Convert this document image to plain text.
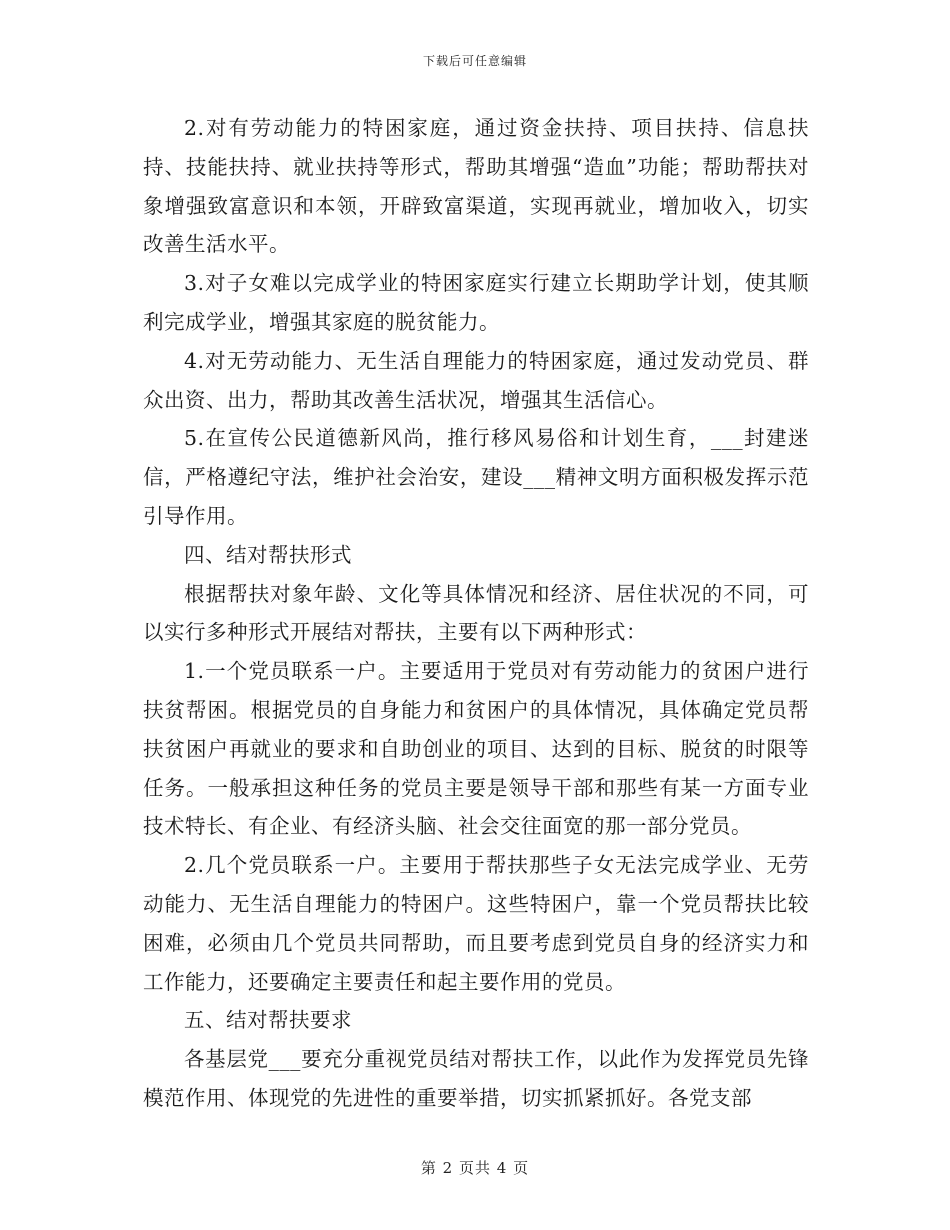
下载后可任意编辑

2.对有劳动能力的特困家庭，通过资金扶持、项目扶持、信息扶持、技能扶持、就业扶持等形式，帮助其增强“造血”功能；帮助帮扶对象增强致富意识和本领，开辟致富渠道，实现再就业，增加收入，切实改善生活水平。

3.对子女难以完成学业的特困家庭实行建立长期助学计划，使其顺利完成学业，增强其家庭的脱贫能力。

4.对无劳动能力、无生活自理能力的特困家庭，通过发动党员、群众出资、出力，帮助其改善生活状况，增强其生活信心。

5.在宣传公民道德新风尚，推行移风易俗和计划生育，___封建迷信，严格遵纪守法，维护社会治安，建设___精神文明方面积极发挥示范引导作用。

四、结对帮扶形式

根据帮扶对象年龄、文化等具体情况和经济、居住状况的不同，可以实行多种形式开展结对帮扶，主要有以下两种形式：

1.一个党员联系一户。主要适用于党员对有劳动能力的贫困户进行扶贫帮困。根据党员的自身能力和贫困户的具体情况，具体确定党员帮扶贫困户再就业的要求和自助创业的项目、达到的目标、脱贫的时限等任务。一般承担这种任务的党员主要是领导干部和那些有某一方面专业技术特长、有企业、有经济头脑、社会交往面宽的那一部分党员。

2.几个党员联系一户。主要用于帮扶那些子女无法完成学业、无劳动能力、无生活自理能力的特困户。这些特困户，靠一个党员帮扶比较困难，必须由几个党员共同帮助，而且要考虑到党员自身的经济实力和工作能力，还要确定主要责任和起主要作用的党员。

五、结对帮扶要求

各基层党___要充分重视党员结对帮扶工作，以此作为发挥党员先锋模范作用、体现党的先进性的重要举措，切实抓紧抓好。各党支部

第 2 页共 4 页
